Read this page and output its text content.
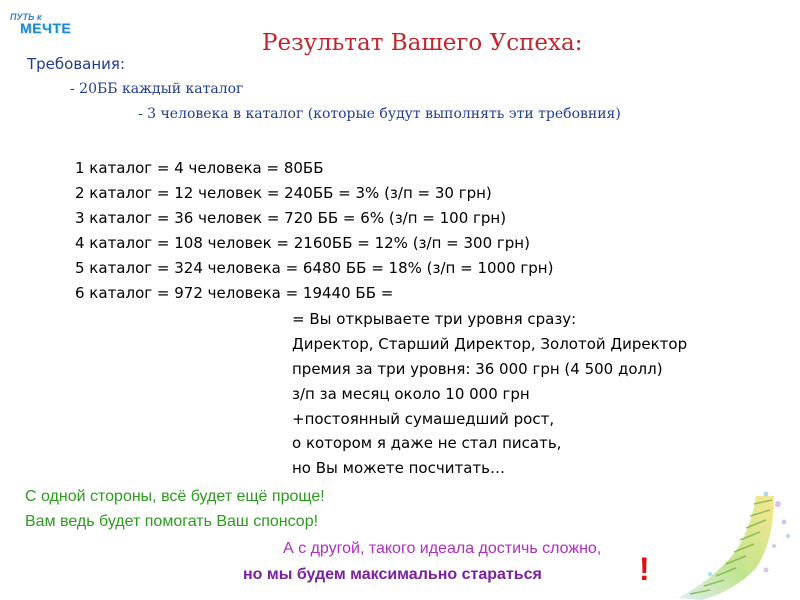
ПУТЬ к
МЕЧТЕ
Результат Вашего Успеха:
Требования:
- 20ББ каждый каталог
- 3 человека в каталог (которые будут выполнять эти требовния)
1 каталог = 4 человека = 80ББ
2 каталог = 12 человек = 240ББ = 3% (з/п = 30 грн)
3 каталог = 36 человек = 720 ББ = 6% (з/п = 100 грн)
4 каталог = 108 человек = 2160ББ = 12% (з/п = 300 грн)
5 каталог = 324 человека = 6480 ББ = 18% (з/п = 1000 грн)
6 каталог = 972 человека = 19440 ББ =
= Вы открываете три уровня сразу:
Директор, Старший Директор, Золотой Директор
премия за три уровня: 36 000 грн (4 500 долл)
з/п за месяц около 10 000 грн
+постоянный сумашедший рост,
о котором я даже не стал писать,
но Вы можете посчитать…
С одной стороны, всё будет ещё проще!
Вам ведь будет помогать Ваш спонсор!
А с другой, такого идеала достичь сложно,
но мы будем максимально стараться	!
